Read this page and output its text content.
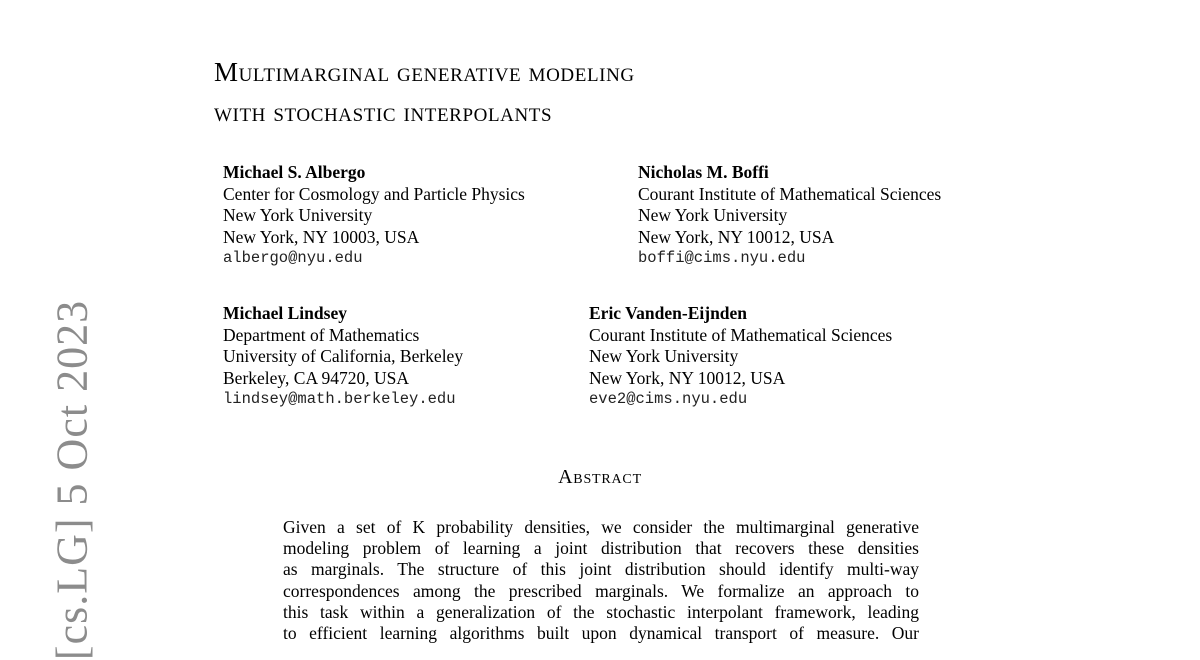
Multimarginal generative modeling
with stochastic interpolants
Michael S. Albergo
Center for Cosmology and Particle Physics
New York University
New York, NY 10003, USA
albergo@nyu.edu
Nicholas M. Boffi
Courant Institute of Mathematical Sciences
New York University
New York, NY 10012, USA
boffi@cims.nyu.edu
Michael Lindsey
Department of Mathematics
University of California, Berkeley
Berkeley, CA 94720, USA
lindsey@math.berkeley.edu
Eric Vanden-Eijnden
Courant Institute of Mathematical Sciences
New York University
New York, NY 10012, USA
eve2@cims.nyu.edu
Abstract
Given a set of K probability densities, we consider the multimarginal generative
modeling problem of learning a joint distribution that recovers these densities
as marginals. The structure of this joint distribution should identify multi-way
correspondences among the prescribed marginals. We formalize an approach to
this task within a generalization of the stochastic interpolant framework, leading
to efficient learning algorithms built upon dynamical transport of measure. Our
[cs.LG] 5 Oct 2023
